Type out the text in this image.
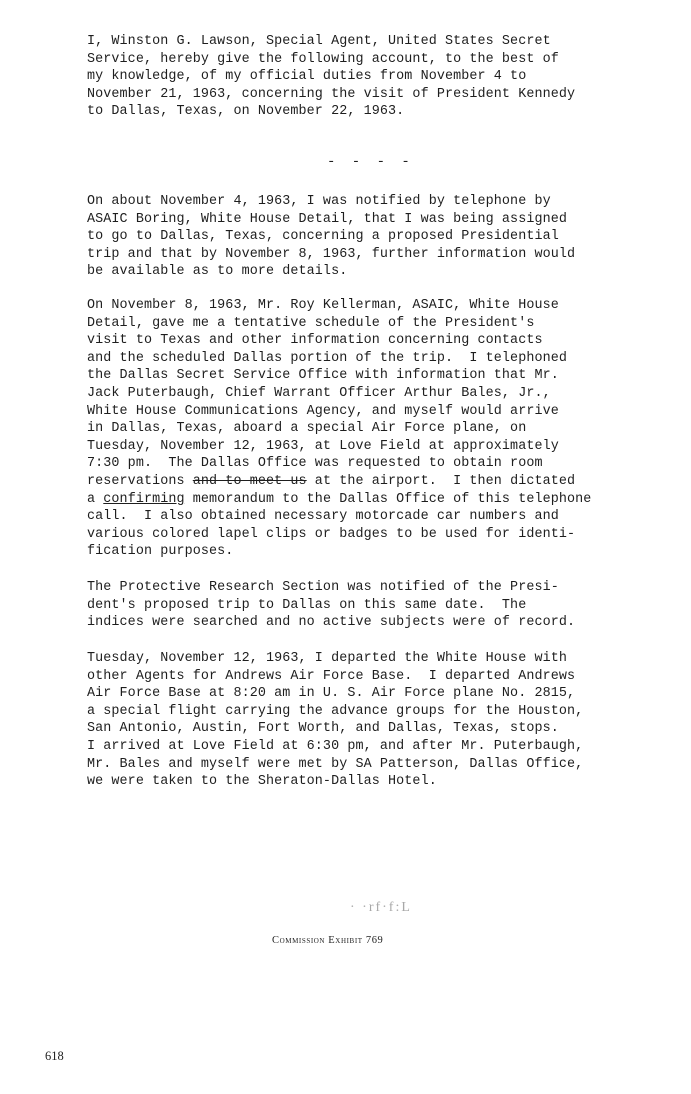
I, Winston G. Lawson, Special Agent, United States Secret
Service, hereby give the following account, to the best of
my knowledge, of my official duties from November 4 to
November 21, 1963, concerning the visit of President Kennedy
to Dallas, Texas, on November 22, 1963.
- - - -
On about November 4, 1963, I was notified by telephone by
ASAIC Boring, White House Detail, that I was being assigned
to go to Dallas, Texas, concerning a proposed Presidential
trip and that by November 8, 1963, further information would
be available as to more details.
On November 8, 1963, Mr. Roy Kellerman, ASAIC, White House
Detail, gave me a tentative schedule of the President's
visit to Texas and other information concerning contacts
and the scheduled Dallas portion of the trip.  I telephoned
the Dallas Secret Service Office with information that Mr.
Jack Puterbaugh, Chief Warrant Officer Arthur Bales, Jr.,
White House Communications Agency, and myself would arrive
in Dallas, Texas, aboard a special Air Force plane, on
Tuesday, November 12, 1963, at Love Field at approximately
7:30 pm.  The Dallas Office was requested to obtain room
reservations and to meet us at the airport.  I then dictated
a confirming memorandum to the Dallas Office of this telephone
call.  I also obtained necessary motorcade car numbers and
various colored lapel clips or badges to be used for identi-
fication purposes.
The Protective Research Section was notified of the Presi-
dent's proposed trip to Dallas on this same date.  The
indices were searched and no active subjects were of record.
Tuesday, November 12, 1963, I departed the White House with
other Agents for Andrews Air Force Base.  I departed Andrews
Air Force Base at 8:20 am in U. S. Air Force plane No. 2815,
a special flight carrying the advance groups for the Houston,
San Antonio, Austin, Fort Worth, and Dallas, Texas, stops.
I arrived at Love Field at 6:30 pm, and after Mr. Puterbaugh,
Mr. Bales and myself were met by SA Patterson, Dallas Office,
we were taken to the Sheraton-Dallas Hotel.
· ·rf·f:L
Commission Exhibit 769
618
